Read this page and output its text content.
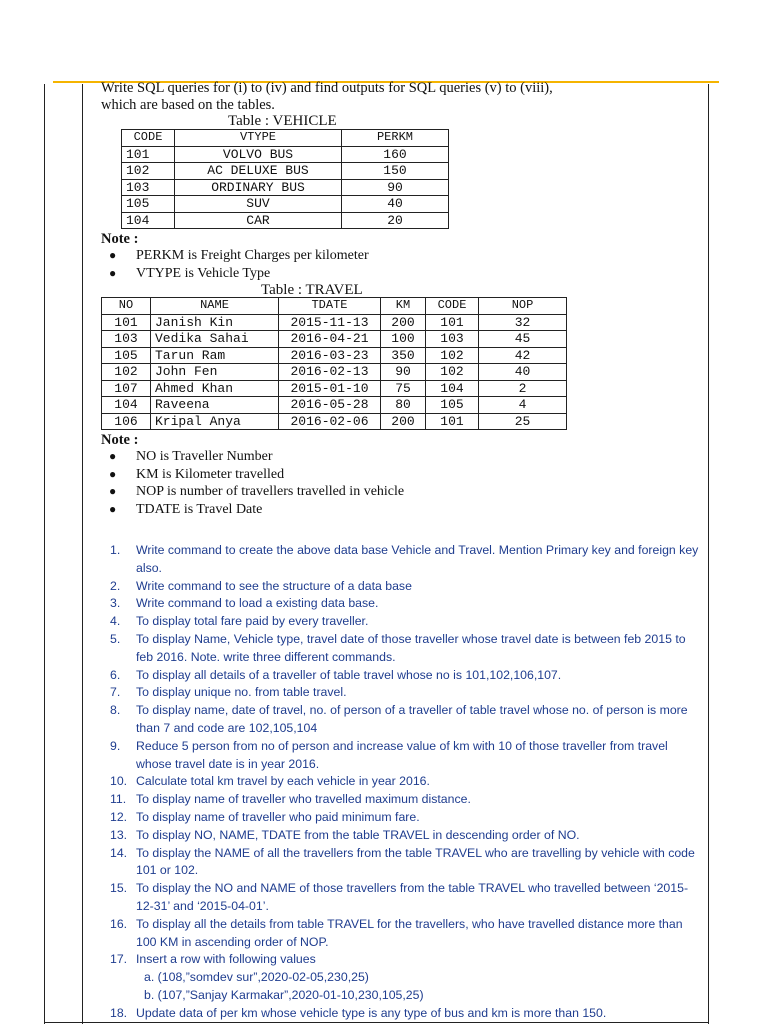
Write SQL queries for (i) to (iv) and find outputs for SQL queries (v) to (viii),
which are based on the tables.
Table : VEHICLE
CODE	VTYPE	PERKM
101	VOLVO BUS	160
102	AC DELUXE BUS	150
103	ORDINARY BUS	90
105	SUV	40
104	CAR	20
Note :
● PERKM is Freight Charges per kilometer
● VTYPE is Vehicle Type
Table : TRAVEL
NO	NAME	TDATE	KM	CODE	NOP
101	Janish Kin	2015-11-13	200	101	32
103	Vedika Sahai	2016-04-21	100	103	45
105	Tarun Ram	2016-03-23	350	102	42
102	John Fen	2016-02-13	90	102	40
107	Ahmed Khan	2015-01-10	75	104	2
104	Raveena	2016-05-28	80	105	4
106	Kripal Anya	2016-02-06	200	101	25
Note :
● NO is Traveller Number
● KM is Kilometer travelled
● NOP is number of travellers travelled in vehicle
● TDATE is Travel Date
1. Write command to create the above data base Vehicle and Travel. Mention Primary key and foreign key also.
2. Write command to see the structure of a data base
3. Write command to load a existing data base.
4. To display total fare paid by every traveller.
5. To display Name, Vehicle type, travel date of those traveller whose travel date is between feb 2015 to feb 2016. Note. write three different commands.
6. To display all details of a traveller of table travel whose no is 101,102,106,107.
7. To display unique no. from table travel.
8. To display name, date of travel, no. of person of a traveller of table travel whose no. of person is more than 7 and code are 102,105,104
9. Reduce 5 person from no of person and increase value of km with 10 of those traveller from travel whose travel date is in year 2016.
10. Calculate total km travel by each vehicle in year 2016.
11. To display name of traveller who travelled maximum distance.
12. To display name of traveller who paid minimum fare.
13. To display NO, NAME, TDATE from the table TRAVEL in descending order of NO.
14. To display the NAME of all the travellers from the table TRAVEL who are travelling by vehicle with code 101 or 102.
15. To display the NO and NAME of those travellers from the table TRAVEL who travelled between ‘2015-12-31’ and ‘2015-04-01’.
16. To display all the details from table TRAVEL for the travellers, who have travelled distance more than 100 KM in ascending order of NOP.
17. Insert a row with following values
a. (108,”somdev sur”,2020-02-05,230,25)
b. (107,”Sanjay Karmakar”,2020-01-10,230,105,25)
18. Update data of per km whose vehicle type is any type of bus and km is more than 150.
